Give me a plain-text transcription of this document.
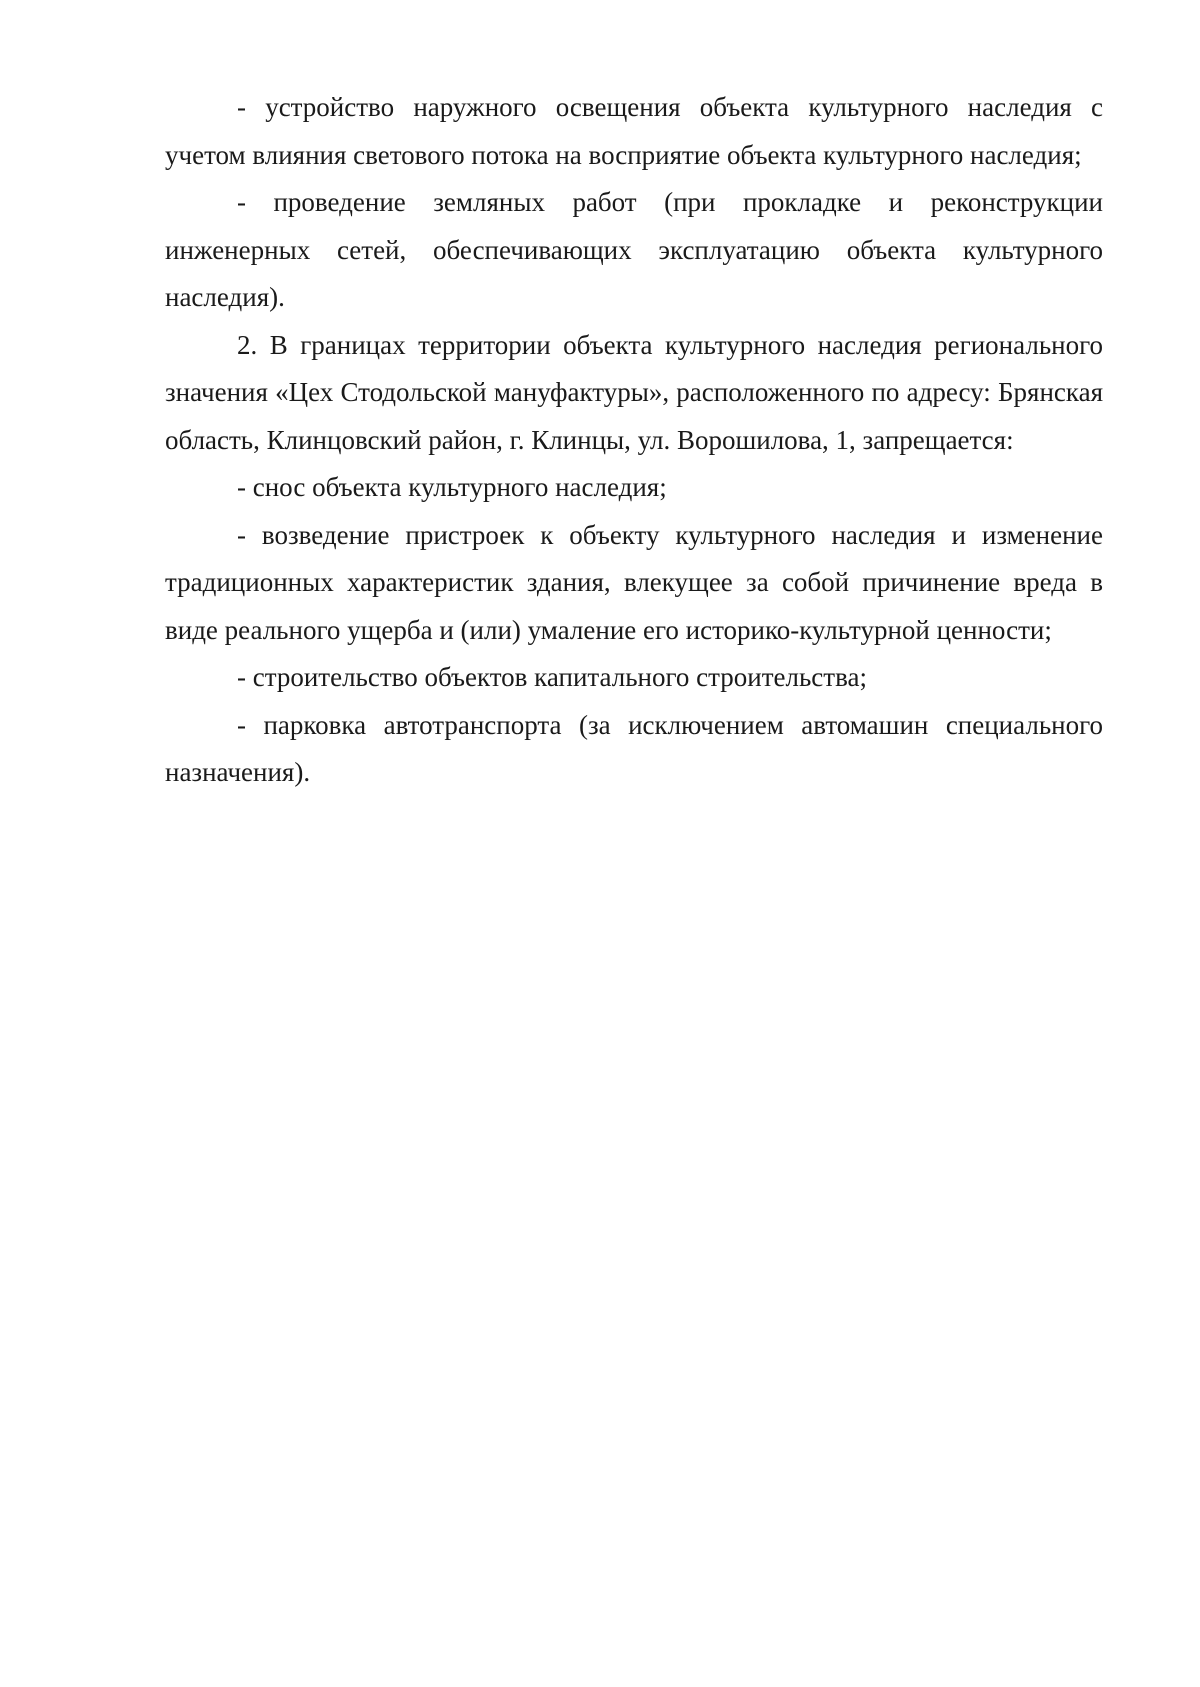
- устройство наружного освещения объекта культурного наследия с учетом влияния светового потока на восприятие объекта культурного наследия;

- проведение земляных работ (при прокладке и реконструкции инженерных сетей, обеспечивающих эксплуатацию объекта культурного наследия).

2. В границах территории объекта культурного наследия регионального значения «Цех Стодольской мануфактуры», расположенного по адресу: Брянская область, Клинцовский район, г. Клинцы, ул. Ворошилова, 1, запрещается:

- снос объекта культурного наследия;

- возведение пристроек к объекту культурного наследия и изменение традиционных характеристик здания, влекущее за собой причинение вреда в виде реального ущерба и (или) умаление его историко-культурной ценности;

- строительство объектов капитального строительства;

- парковка автотранспорта (за исключением автомашин специального назначения).
